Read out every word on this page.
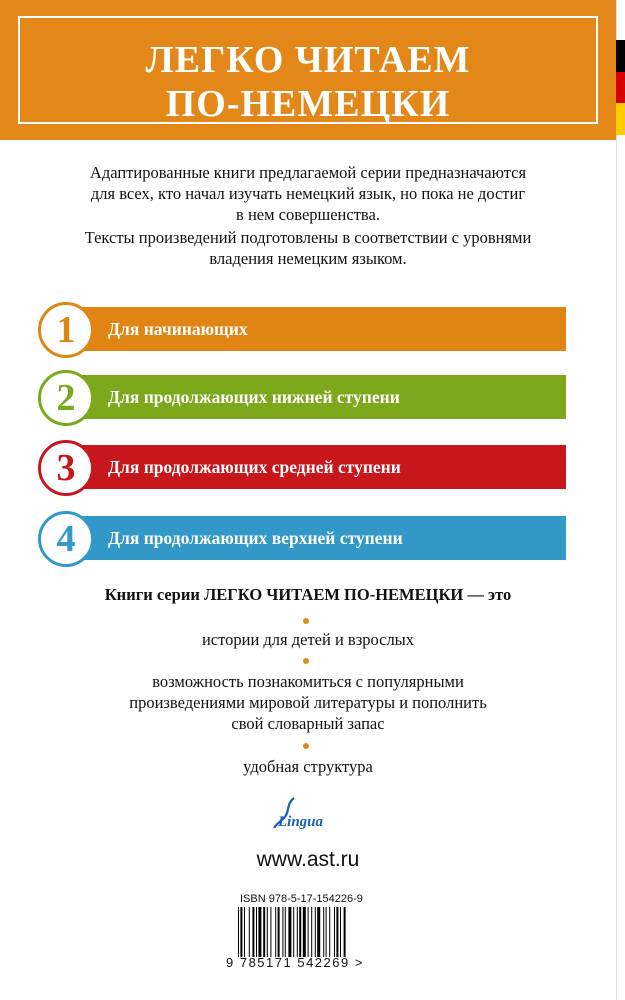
ЛЕГКО ЧИТАЕМ
ПО-НЕМЕЦКИ

Адаптированные книги предлагаемой серии предназначаются

для всех, кто начал изучать немецкий язык, но пока не достиг

в нем совершенства.

Тексты произведений подготовлены в соответствии с уровнями

владения немецким языком.

1	Для начинающих
2	Для продолжающих нижней ступени
3	Для продолжающих средней ступени
4	Для продолжающих верхней ступени

Книги серии ЛЕГКО ЧИТАЕМ ПО-НЕМЕЦКИ — это

истории для детей и взрослых

возможность познакомиться с популярными

произведениями мировой литературы и пополнить

свой словарный запас

удобная структура

Lingua

www.ast.ru

ISBN 978-5-17-154226-9
9 785171 542269 >
